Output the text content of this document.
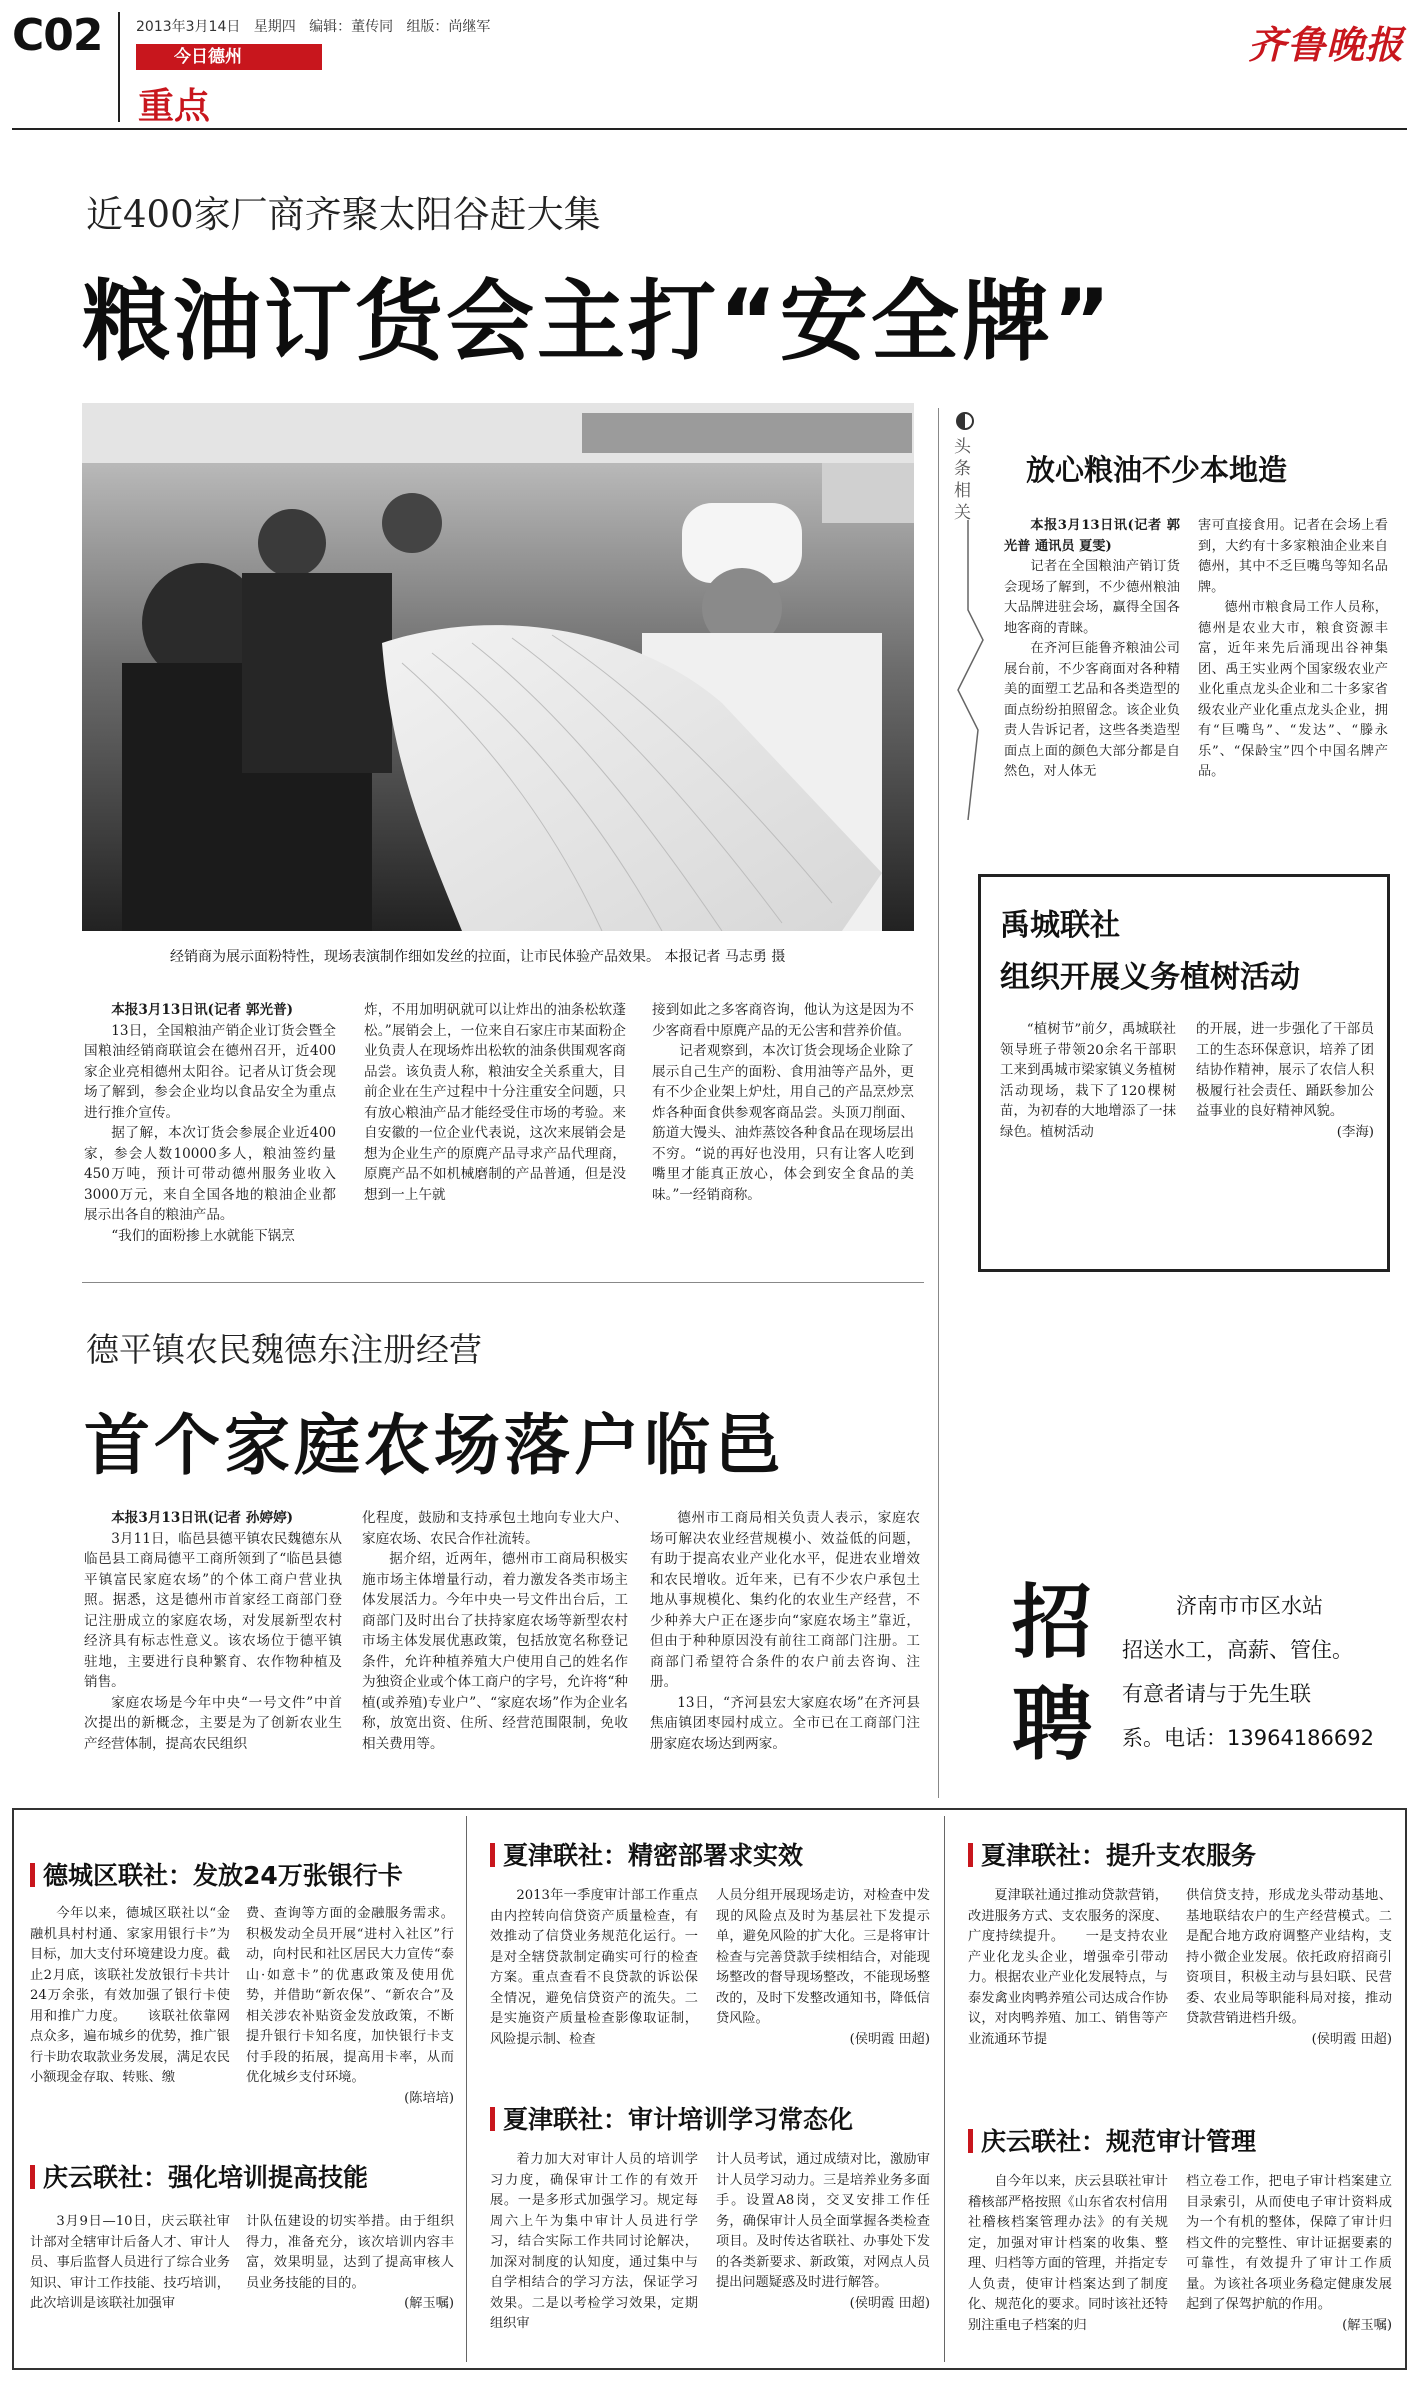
C02 2013年3月14日 星期四 编辑：董传同 组版：尚继军
今日德州
重点
齐鲁晚报
近400家厂商齐聚太阳谷赶大集
粮油订货会主打“安全牌”
经销商为展示面粉特性，现场表演制作细如发丝的拉面，让市民体验产品效果。 本报记者 马志勇 摄

本报3月13日讯(记者 郭光普)

13日，全国粮油产销企业订货会暨全国粮油经销商联谊会在德州召开，近400家企业亮相德州太阳谷。记者从订货会现场了解到，参会企业均以食品安全为重点进行推介宣传。

据了解，本次订货会参展企业近400家，参会人数10000多人，粮油签约量450万吨，预计可带动德州服务业收入3000万元，来自全国各地的粮油企业都展示出各自的粮油产品。

“我们的面粉掺上水就能下锅烹

炸，不用加明矾就可以让炸出的油条松软蓬松。”展销会上，一位来自石家庄市某面粉企业负责人在现场炸出松软的油条供围观客商品尝。该负责人称，粮油安全关系重大，目前企业在生产过程中十分注重安全问题，只有放心粮油产品才能经受住市场的考验。来自安徽的一位企业代表说，这次来展销会是想为企业生产的原麂产品寻求产品代理商，原麂产品不如机械磨制的产品普通，但是没想到一上午就

接到如此之多客商咨询，他认为这是因为不少客商看中原麂产品的无公害和营养价值。

记者观察到，本次订货会现场企业除了展示自己生产的面粉、食用油等产品外，更有不少企业架上炉灶，用自己的产品烹炒烹炸各种面食供参观客商品尝。头顶刀削面、筋道大馒头、油炸蒸饺各种食品在现场层出不穷。“说的再好也没用，只有让客人吃到嘴里才能真正放心，体会到安全食品的美味。”一经销商称。

头条相关
放心粮油不少本地造

本报3月13日讯(记者 郭光普 通讯员 夏雯)

记者在全国粮油产销订货会现场了解到，不少德州粮油大品牌进驻会场，赢得全国各地客商的青睐。

在齐河巨能鲁齐粮油公司展台前，不少客商面对各种精美的面塑工艺品和各类造型的面点纷纷拍照留念。该企业负责人告诉记者，这些各类造型面点上面的颜色大部分都是自然色，对人体无

害可直接食用。记者在会场上看到，大约有十多家粮油企业来自德州，其中不乏巨嘴鸟等知名品牌。

德州市粮食局工作人员称，德州是农业大市，粮食资源丰富，近年来先后涌现出谷神集团、禹王实业两个国家级农业产业化重点龙头企业和二十多家省级农业产业化重点龙头企业，拥有“巨嘴鸟”、“发达”、“滕永乐”、“保龄宝”四个中国名牌产品。

禹城联社
组织开展义务植树活动

“植树节”前夕，禹城联社领导班子带领20余名干部职工来到禹城市梁家镇义务植树活动现场，栽下了120棵树苗，为初春的大地增添了一抹绿色。植树活动

的开展，进一步强化了干部员工的生态环保意识，培养了团结协作精神，展示了农信人积极履行社会责任、踊跃参加公益事业的良好精神风貌。
(李海)

德平镇农民魏德东注册经营
首个家庭农场落户临邑

本报3月13日讯(记者 孙婷婷)

3月11日，临邑县德平镇农民魏德东从临邑县工商局德平工商所领到了“临邑县德平镇富民家庭农场”的个体工商户营业执照。据悉，这是德州市首家经工商部门登记注册成立的家庭农场，对发展新型农村经济具有标志性意义。该农场位于德平镇驻地，主要进行良种繁育、农作物种植及销售。

家庭农场是今年中央“一号文件”中首次提出的新概念，主要是为了创新农业生产经营体制，提高农民组织

化程度，鼓励和支持承包土地向专业大户、家庭农场、农民合作社流转。

据介绍，近两年，德州市工商局积极实施市场主体增量行动，着力激发各类市场主体发展活力。今年中央一号文件出台后，工商部门及时出台了扶持家庭农场等新型农村市场主体发展优惠政策，包括放宽名称登记条件，允许种植养殖大户使用自己的姓名作为独资企业或个体工商户的字号，允许将“种植(或养殖)专业户”、“家庭农场”作为企业名称，放宽出资、住所、经营范围限制，免收相关费用等。

德州市工商局相关负责人表示，家庭农场可解决农业经营规模小、效益低的问题，有助于提高农业产业化水平，促进农业增效和农民增收。近年来，已有不少农户承包土地从事规模化、集约化的农业生产经营，不少种养大户正在逐步向“家庭农场主”靠近，但由于种种原因没有前往工商部门注册。工商部门希望符合条件的农户前去咨询、注册。

13日，“齐河县宏大家庭农场”在齐河县焦庙镇团枣园村成立。全市已在工商部门注册家庭农场达到两家。

招
聘
济南市市区水站
招送水工，高薪、管住。
有意者请与于先生联
系。电话：13964186692
德城区联社：发放24万张银行卡

今年以来，德城区联社以“金融机具村村通、家家用银行卡”为目标，加大支付环境建设力度。截止2月底，该联社发放银行卡共计24万余张，有效加强了银行卡使用和推广力度。　　该联社依靠网点众多，遍布城乡的优势，推广银行卡助农取款业务发展，满足农民小额现金存取、转账、缴

费、查询等方面的金融服务需求。积极发动全员开展“进村入社区”行动，向村民和社区居民大力宣传“泰山·如意卡”的优惠政策及使用优势，并借助“新农保”、“新农合”及相关涉农补贴资金发放政策，不断提升银行卡知名度，加快银行卡支付手段的拓展，提高用卡率，从而优化城乡支付环境。

(陈培培)
庆云联社：强化培训提高技能

3月9日—10日，庆云联社审计部对全辖审计后备人才、审计人员、事后监督人员进行了综合业务知识、审计工作技能、技巧培训，此次培训是该联社加强审

计队伍建设的切实举措。由于组织得力，准备充分，该次培训内容丰富，效果明显，达到了提高审核人员业务技能的目的。

(解玉嘱)
夏津联社：精密部署求实效

2013年一季度审计部工作重点由内控转向信贷资产质量检查，有效推动了信贷业务规范化运行。一是对全辖贷款制定确实可行的检查方案。重点查看不良贷款的诉讼保全情况，避免信贷资产的流失。二是实施资产质量检查影像取证制，风险提示制、检查

人员分组开展现场走访，对检查中发现的风险点及时为基层社下发提示单，避免风险的扩大化。三是将审计检查与完善贷款手续相结合，对能现场整改的督导现场整改，不能现场整改的，及时下发整改通知书，降低信贷风险。

(侯明霞 田超)
夏津联社：审计培训学习常态化

着力加大对审计人员的培训学习力度，确保审计工作的有效开展。一是多形式加强学习。规定每周六上午为集中审计人员进行学习，结合实际工作共同讨论解决，加深对制度的认知度，通过集中与自学相结合的学习方法，保证学习效果。二是以考检学习效果，定期组织审

计人员考试，通过成绩对比，激励审计人员学习动力。三是培养业务多面手。设置A8岗，交叉安排工作任务，确保审计人员全面掌握各类检查项目。及时传达省联社、办事处下发的各类新要求、新政策，对网点人员提出问题疑惑及时进行解答。

(侯明霞 田超)
夏津联社：提升支农服务

夏津联社通过推动贷款营销，改进服务方式、支农服务的深度、广度持续提升。　　一是支持农业产业化龙头企业，增强牵引带动力。根据农业产业化发展特点，与泰发禽业肉鸭养殖公司达成合作协议，对肉鸭养殖、加工、销售等产业流通环节提

供信贷支持，形成龙头带动基地、基地联结农户的生产经营模式。二是配合地方政府调整产业结构，支持小微企业发展。依托政府招商引资项目，积极主动与县妇联、民营委、农业局等职能科局对接，推动贷款营销进档升级。

(侯明霞 田超)
庆云联社：规范审计管理

自今年以来，庆云县联社审计稽核部严格按照《山东省农村信用社稽核档案管理办法》的有关规定，加强对审计档案的收集、整理、归档等方面的管理，并指定专人负责，使审计档案达到了制度化、规范化的要求。同时该社还特别注重电子档案的归

档立卷工作，把电子审计档案建立目录索引，从而使电子审计资料成为一个有机的整体，保障了审计归档文件的完整性、审计证据要素的可靠性，有效提升了审计工作质量。为该社各项业务稳定健康发展起到了保驾护航的作用。

(解玉嘱)
